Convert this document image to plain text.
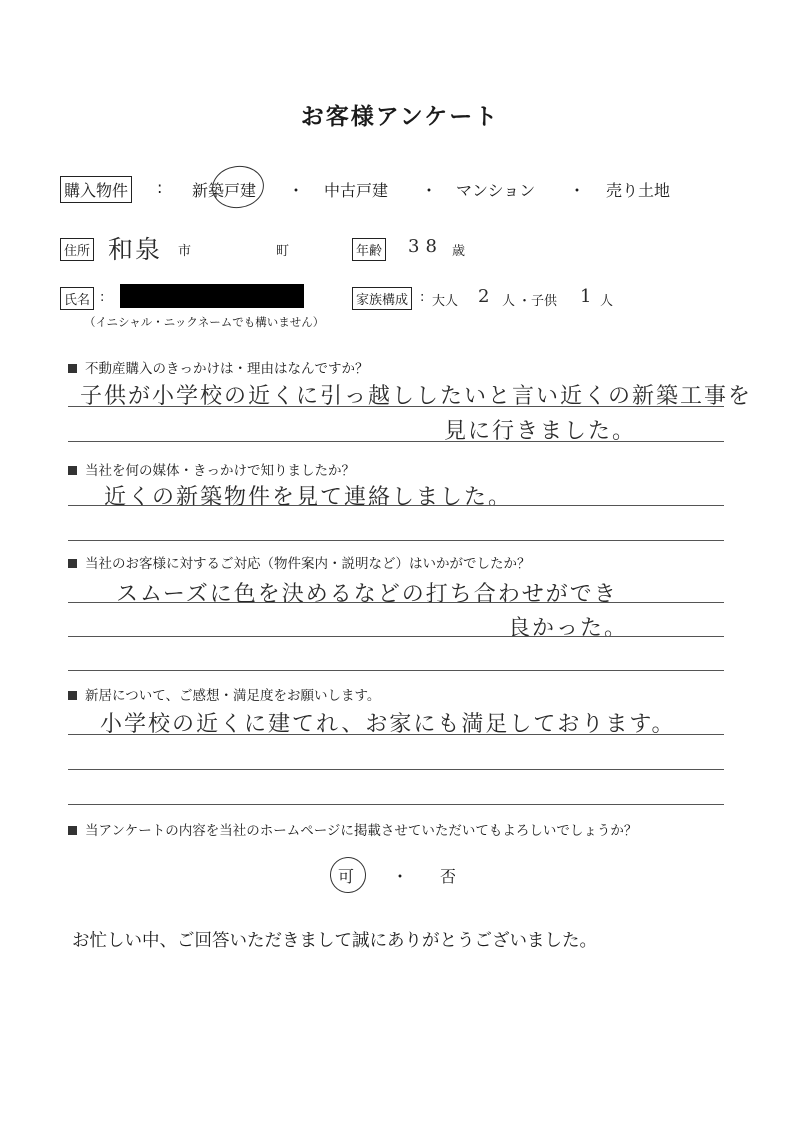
お客様アンケート
購入物件 : 新築戸建 ・ 中古戸建 ・ マンション ・ 売り土地
住所 和泉 市	町	年齢 38 歳
氏名 :
（イニシャル・ニックネームでも構いません）
家族構成 : 大人 2 人 ・子供 1 人
不動産購入のきっかけは・理由はなんですか？
子供が小学校の近くに引っ越ししたいと言い近くの新築工事を
見に行きました。
当社を何の媒体・きっかけで知りましたか？
近くの新築物件を見て連絡しました。
当社のお客様に対するご対応（物件案内・説明など）はいかがでしたか？
スムーズに色を決めるなどの打ち合わせができ
良かった。
新居について、ご感想・満足度をお願いします。
小学校の近くに建てれ、お家にも満足しております。
当アンケートの内容を当社のホームページに掲載させていただいてもよろしいでしょうか？
可 ・ 否
お忙しい中、ご回答いただきまして誠にありがとうございました。
